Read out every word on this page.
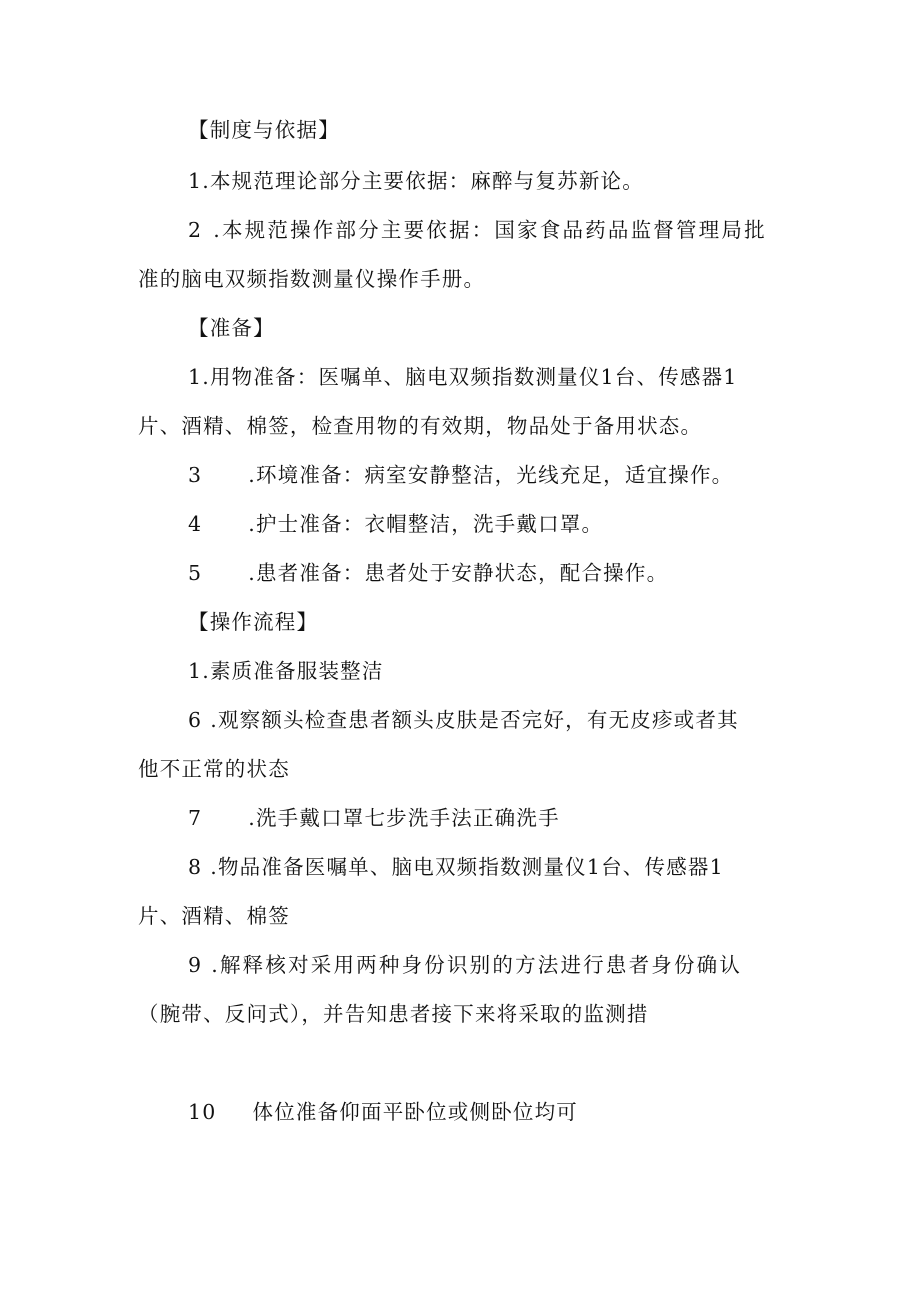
【制度与依据】
1.本规范理论部分主要依据：麻醉与复苏新论。
2 .本规范操作部分主要依据：国家食品药品监督管理局批
准的脑电双频指数测量仪操作手册。
【准备】
1.用物准备：医嘱单、脑电双频指数测量仪1台、传感器1
片、酒精、棉签，检查用物的有效期，物品处于备用状态。
3 .环境准备：病室安静整洁，光线充足，适宜操作。
4 .护士准备：衣帽整洁，洗手戴口罩。
5 .患者准备：患者处于安静状态，配合操作。
【操作流程】
1.素质准备服装整洁
6 .观察额头检查患者额头皮肤是否完好，有无皮疹或者其
他不正常的状态
7 .洗手戴口罩七步洗手法正确洗手
8 .物品准备医嘱单、脑电双频指数测量仪1台、传感器1
片、酒精、棉签
9 .解释核对采用两种身份识别的方法进行患者身份确认
（腕带、反问式），并告知患者接下来将采取的监测措
10 体位准备仰面平卧位或侧卧位均可
